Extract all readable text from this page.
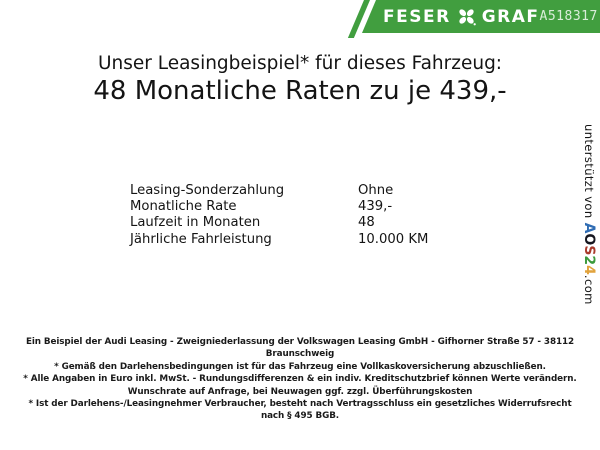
FESER GRAF A518317
Unser Leasingbeispiel* für dieses Fahrzeug:
48 Monatliche Raten zu je 439,-
Leasing-Sonderzahlung	Ohne
Monatliche Rate	439,-
Laufzeit in Monaten	48
Jährliche Fahrleistung	10.000 KM
unterstützt von AOS24.com
Ein Beispiel der Audi Leasing - Zweigniederlassung der Volkswagen Leasing GmbH - Gifhorner Straße 57 - 38112
Braunschweig
* Gemäß den Darlehensbedingungen ist für das Fahrzeug eine Vollkaskoversicherung abzuschließen.
* Alle Angaben in Euro inkl. MwSt. - Rundungsdifferenzen & ein indiv. Kreditschutzbrief können Werte verändern.
Wunschrate auf Anfrage, bei Neuwagen ggf. zzgl. Überführungskosten
* Ist der Darlehens-/Leasingnehmer Verbraucher, besteht nach Vertragsschluss ein gesetzliches Widerrufsrecht
nach § 495 BGB.
